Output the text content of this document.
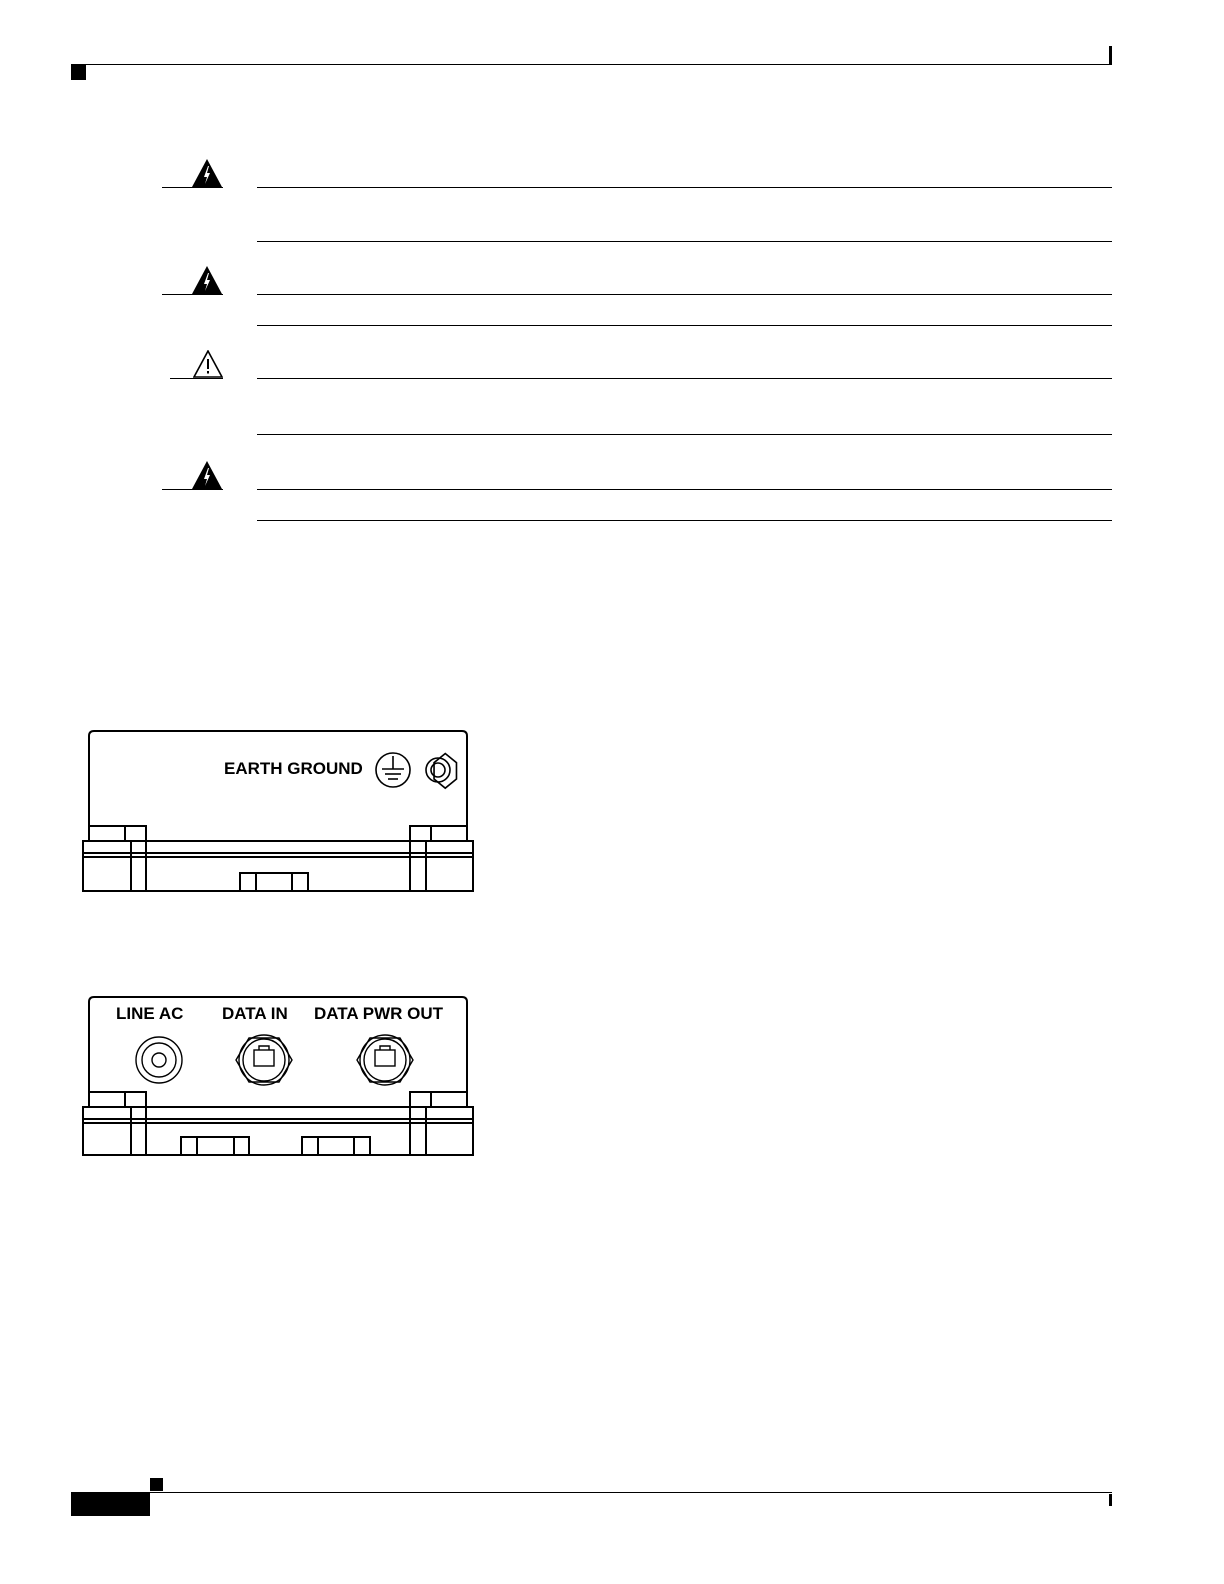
EARTH GROUND
LINE AC DATA IN DATA PWR OUT
